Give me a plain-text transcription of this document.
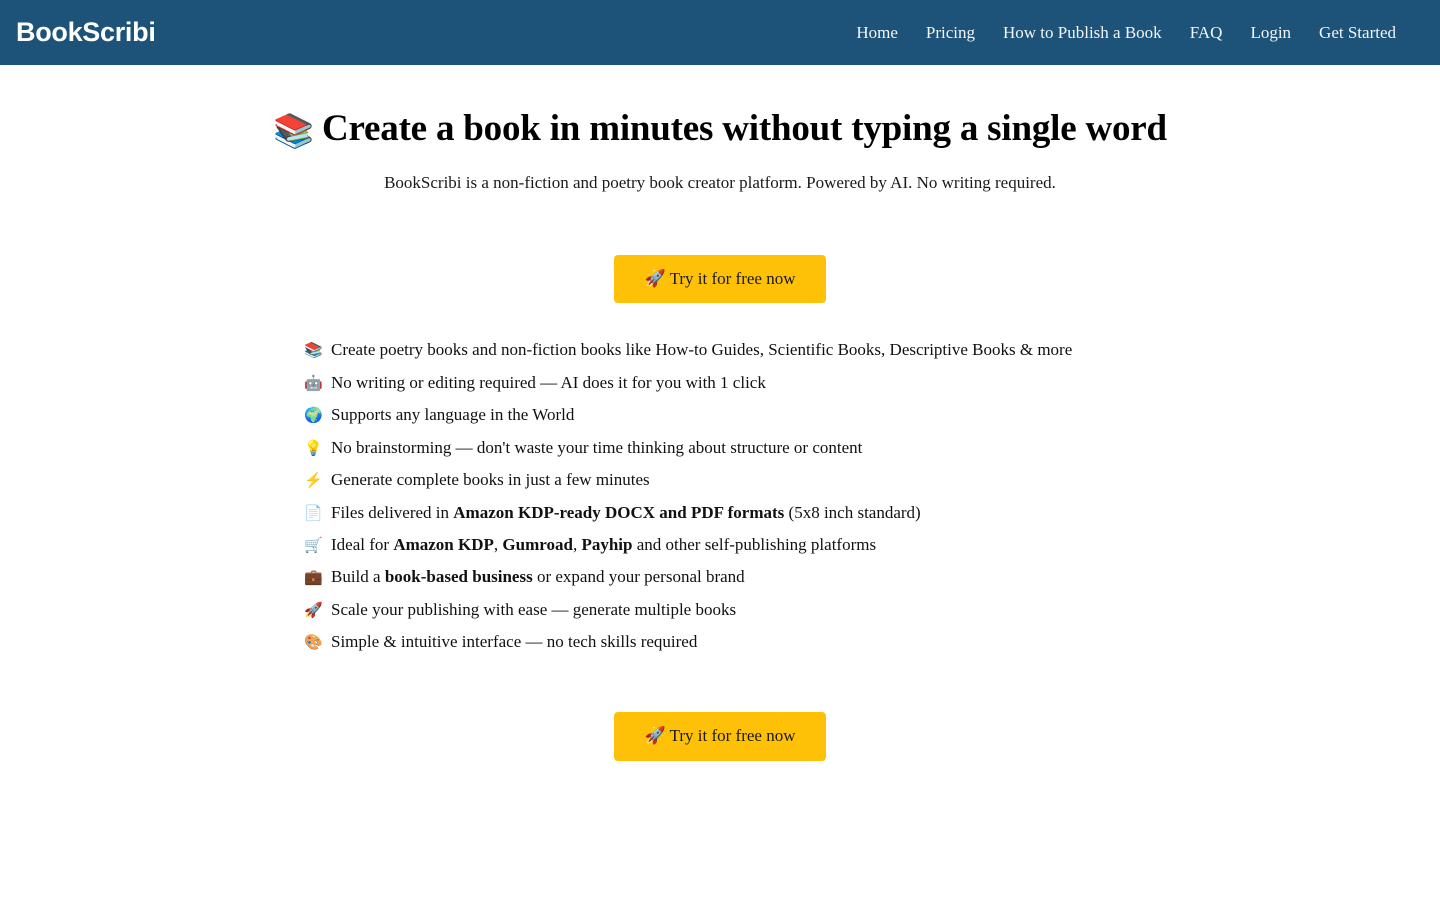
BookScribi	Home Pricing How to Publish a Book FAQ Login Get Started
📚 Create a book in minutes without typing a single word

BookScribi is a non-fiction and poetry book creator platform. Powered by AI. No writing required.

🚀 Try it for free now
📚 Create poetry books and non-fiction books like How-to Guides, Scientific Books, Descriptive Books & more
🤖 No writing or editing required — AI does it for you with 1 click
🌍 Supports any language in the World
💡 No brainstorming — don't waste your time thinking about structure or content
⚡ Generate complete books in just a few minutes
📄 Files delivered in Amazon KDP-ready DOCX and PDF formats (5x8 inch standard)
🛒 Ideal for Amazon KDP, Gumroad, Payhip and other self-publishing platforms
💼 Build a book-based business or expand your personal brand
🚀 Scale your publishing with ease — generate multiple books
🎨 Simple & intuitive interface — no tech skills required
🚀 Try it for free now
